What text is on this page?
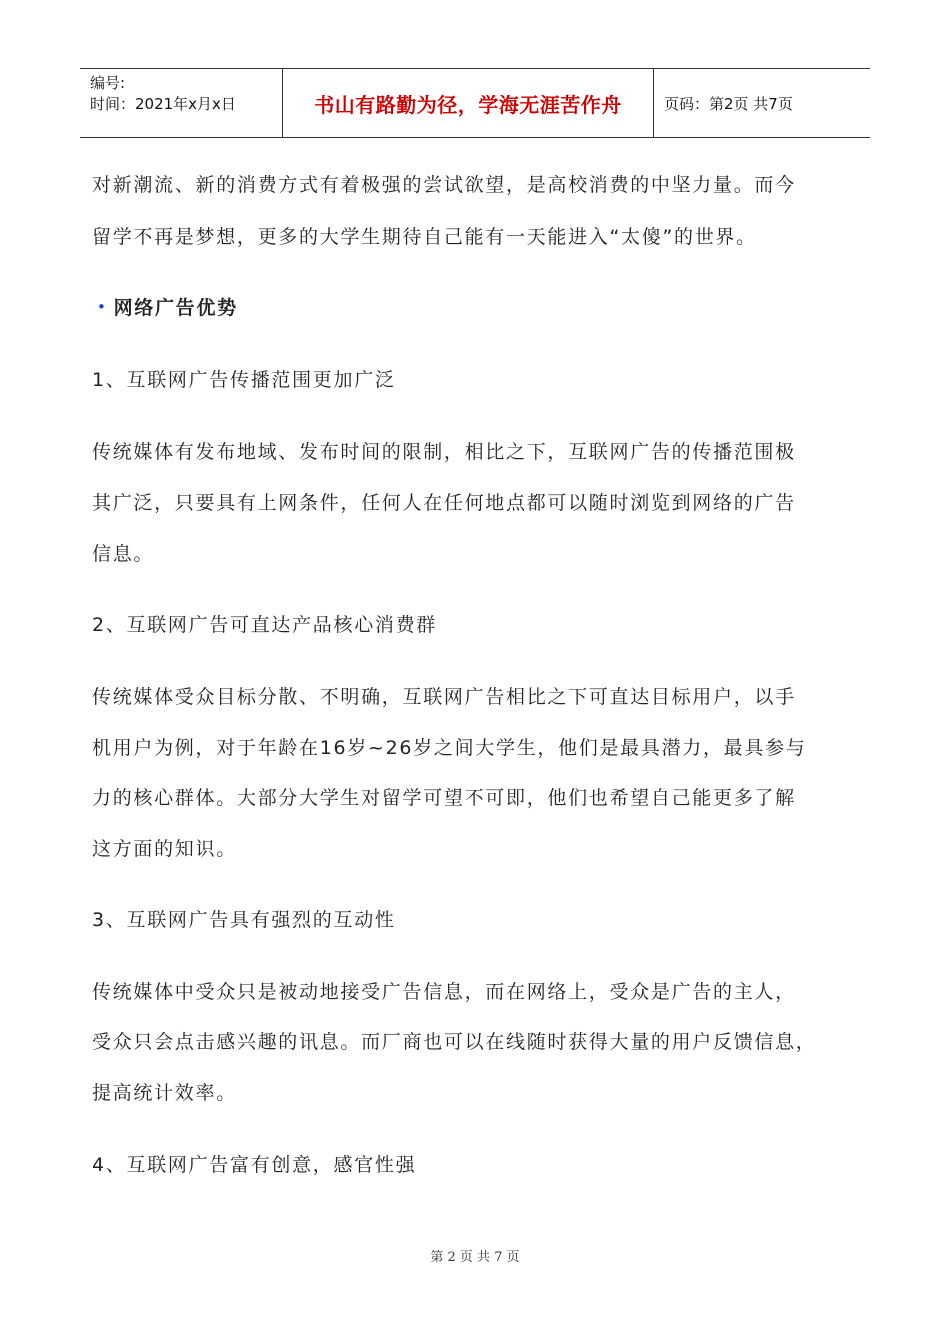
编号:
时间：2021年x月x日	书山有路勤为径，学海无涯苦作舟	页码：第2页 共7页
对新潮流、新的消费方式有着极强的尝试欲望，是高校消费的中坚力量。而今
留学不再是梦想，更多的大学生期待自己能有一天能进入“太傻”的世界。
• 网络广告优势
1、互联网广告传播范围更加广泛
传统媒体有发布地域、发布时间的限制，相比之下，互联网广告的传播范围极
其广泛，只要具有上网条件，任何人在任何地点都可以随时浏览到网络的广告
信息。
2、互联网广告可直达产品核心消费群
传统媒体受众目标分散、不明确，互联网广告相比之下可直达目标用户，以手
机用户为例，对于年龄在16岁~26岁之间大学生，他们是最具潜力，最具参与
力的核心群体。大部分大学生对留学可望不可即，他们也希望自己能更多了解
这方面的知识。
3、互联网广告具有强烈的互动性
传统媒体中受众只是被动地接受广告信息，而在网络上，受众是广告的主人，
受众只会点击感兴趣的讯息。而厂商也可以在线随时获得大量的用户反馈信息，
提高统计效率。
4、互联网广告富有创意，感官性强
第 2 页 共 7 页
